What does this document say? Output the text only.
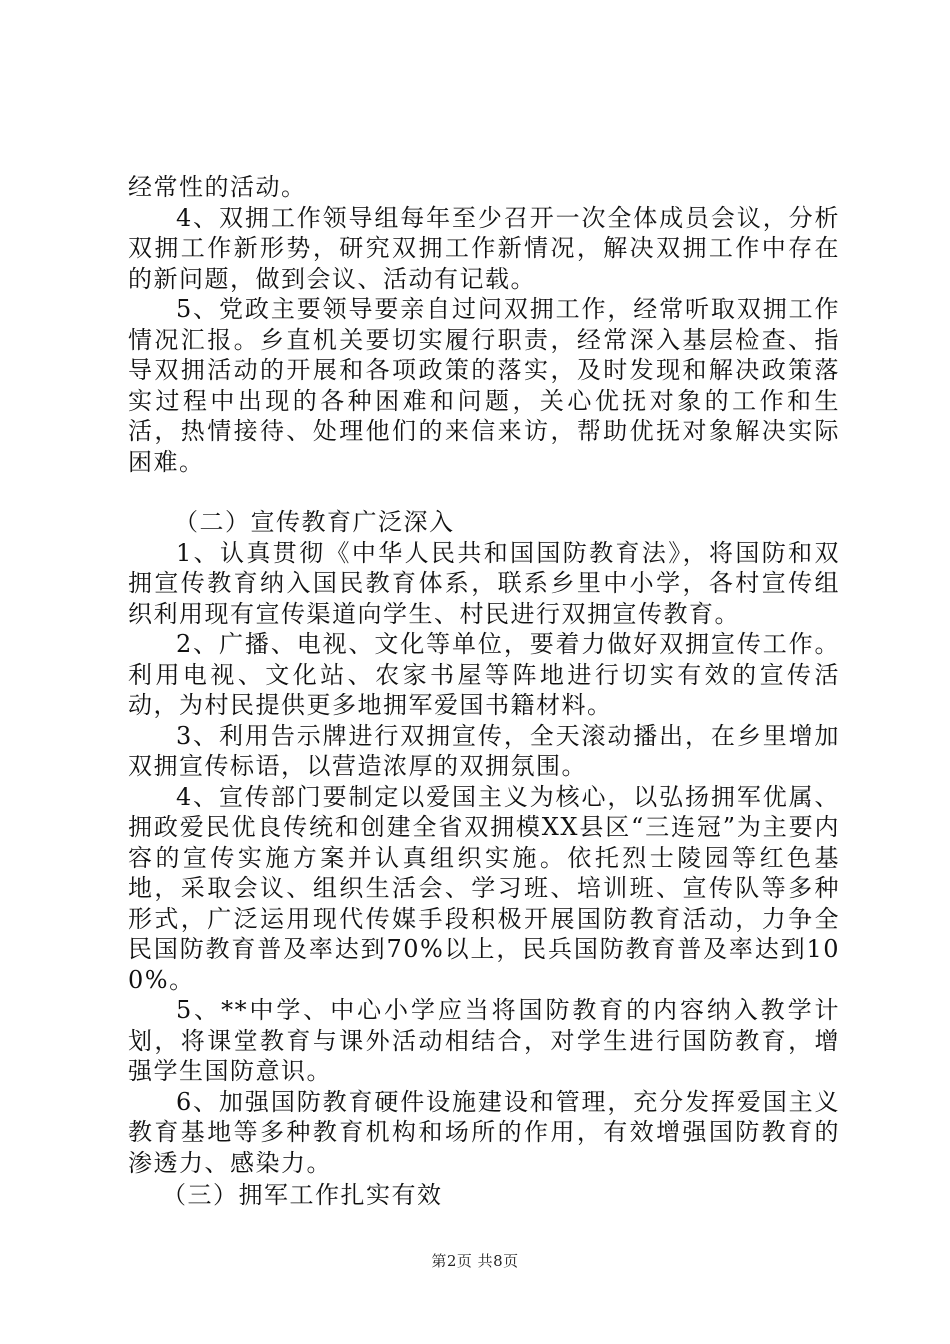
经常性的活动。

4、双拥工作领导组每年至少召开一次全体成员会议，分析双拥工作新形势，研究双拥工作新情况，解决双拥工作中存在的新问题，做到会议、活动有记载。

5、党政主要领导要亲自过问双拥工作，经常听取双拥工作情况汇报。乡直机关要切实履行职责，经常深入基层检查、指导双拥活动的开展和各项政策的落实，及时发现和解决政策落实过程中出现的各种困难和问题，关心优抚对象的工作和生活，热情接待、处理他们的来信来访，帮助优抚对象解决实际困难。

（二）宣传教育广泛深入

1、认真贯彻《中华人民共和国国防教育法》，将国防和双拥宣传教育纳入国民教育体系，联系乡里中小学，各村宣传组织利用现有宣传渠道向学生、村民进行双拥宣传教育。

2、广播、电视、文化等单位，要着力做好双拥宣传工作。利用电视、文化站、农家书屋等阵地进行切实有效的宣传活动，为村民提供更多地拥军爱国书籍材料。

3、利用告示牌进行双拥宣传，全天滚动播出，在乡里增加双拥宣传标语，以营造浓厚的双拥氛围。

4、宣传部门要制定以爱国主义为核心，以弘扬拥军优属、拥政爱民优良传统和创建全省双拥模XX县区“三连冠”为主要内容的宣传实施方案并认真组织实施。依托烈士陵园等红色基地，采取会议、组织生活会、学习班、培训班、宣传队等多种形式，广泛运用现代传媒手段积极开展国防教育活动，力争全民国防教育普及率达到70%以上，民兵国防教育普及率达到100%。

5、**中学、中心小学应当将国防教育的内容纳入教学计划，将课堂教育与课外活动相结合，对学生进行国防教育，增强学生国防意识。

6、加强国防教育硬件设施建设和管理，充分发挥爱国主义教育基地等多种教育机构和场所的作用，有效增强国防教育的渗透力、感染力。

（三）拥军工作扎实有效

第2页 共8页
